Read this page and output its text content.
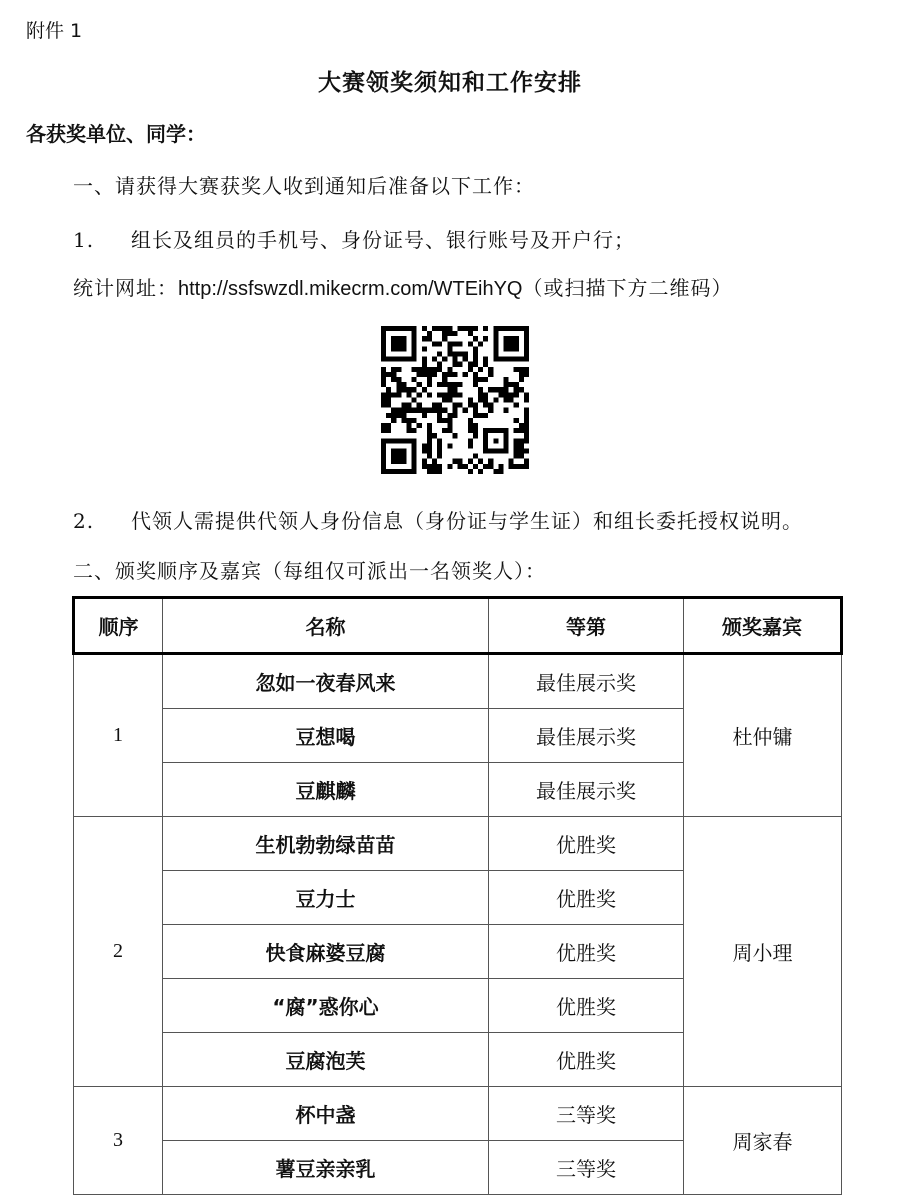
附件 1
大赛领奖须知和工作安排
各获奖单位、同学：
一、请获得大赛获奖人收到通知后准备以下工作：
1. 组长及组员的手机号、身份证号、银行账号及开户行；
统计网址：http://ssfswzdl.mikecrm.com/WTEihYQ（或扫描下方二维码）
2. 代领人需提供代领人身份信息（身份证与学生证）和组长委托授权说明。
二、颁奖顺序及嘉宾（每组仅可派出一名领奖人）：
顺序	名称	等第	颁奖嘉宾
1	忽如一夜春风来	最佳展示奖	杜仲镛
	豆想喝	最佳展示奖	
	豆麒麟	最佳展示奖	
2	生机勃勃绿苗苗	优胜奖	周小理
	豆力士	优胜奖	
	快食麻婆豆腐	优胜奖	
	“腐”惑你心	优胜奖	
	豆腐泡芙	优胜奖	
3	杯中盏	三等奖	周家春
	薯豆亲亲乳	三等奖	
